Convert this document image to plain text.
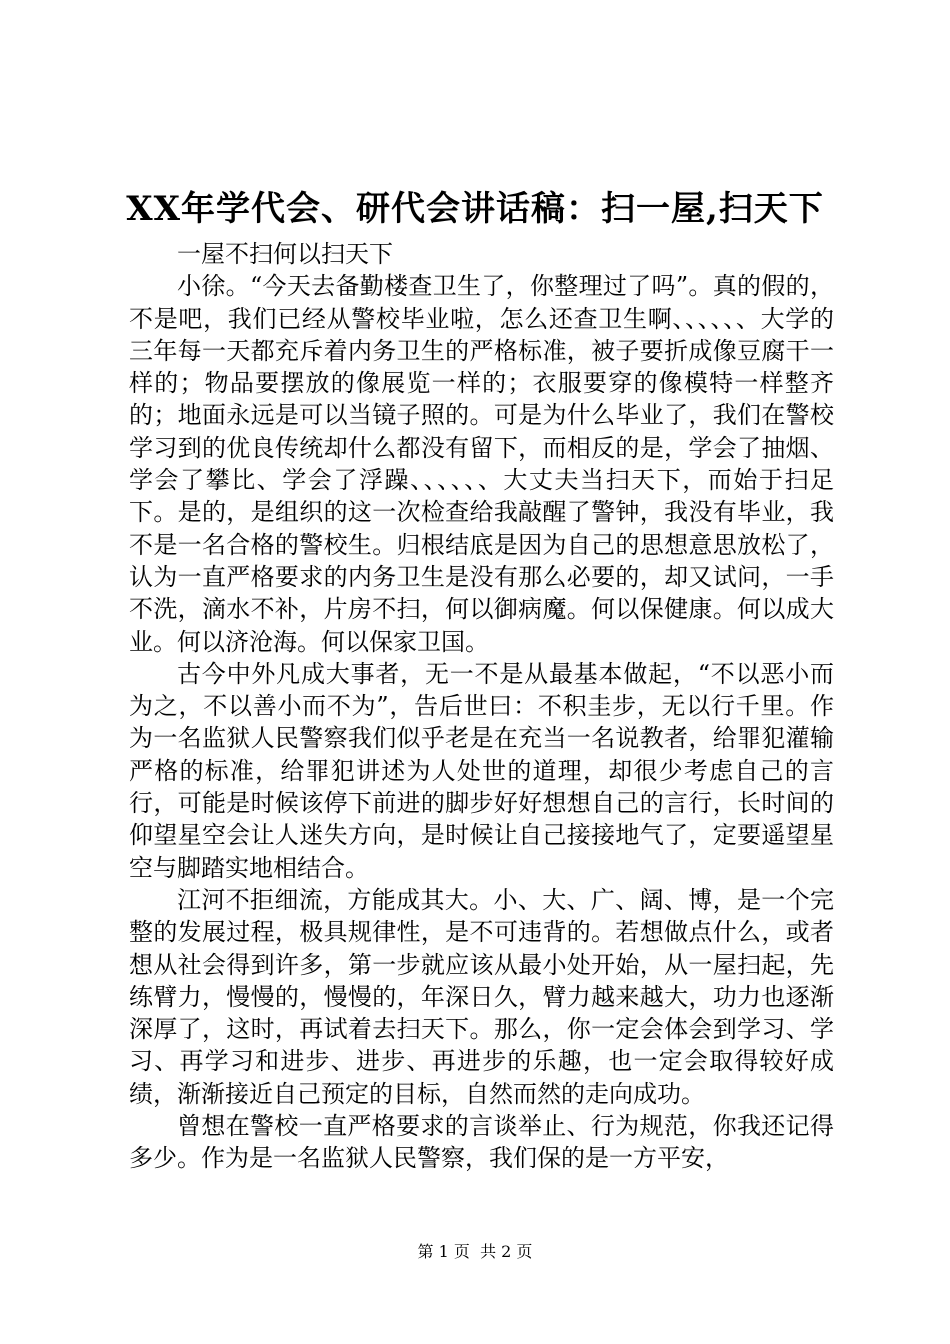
XX年学代会、研代会讲话稿：扫一屋,扫天下

一屋不扫何以扫天下

小徐。“今天去备勤楼查卫生了，你整理过了吗”。真的假的，不是吧，我们已经从警校毕业啦，怎么还查卫生啊、、、、、、大学的三年每一天都充斥着内务卫生的严格标准，被子要折成像豆腐干一样的；物品要摆放的像展览一样的；衣服要穿的像模特一样整齐的；地面永远是可以当镜子照的。可是为什么毕业了，我们在警校学习到的优良传统却什么都没有留下，而相反的是，学会了抽烟、学会了攀比、学会了浮躁、、、、、、大丈夫当扫天下，而始于扫足下。是的，是组织的这一次检查给我敲醒了警钟，我没有毕业，我不是一名合格的警校生。归根结底是因为自己的思想意思放松了，认为一直严格要求的内务卫生是没有那么必要的，却又试问，一手不洗，滴水不补，片房不扫，何以御病魔。何以保健康。何以成大业。何以济沧海。何以保家卫国。

古今中外凡成大事者，无一不是从最基本做起，“不以恶小而为之，不以善小而不为”，告后世曰：不积圭步，无以行千里。作为一名监狱人民警察我们似乎老是在充当一名说教者，给罪犯灌输严格的标准，给罪犯讲述为人处世的道理，却很少考虑自己的言行，可能是时候该停下前进的脚步好好想想自己的言行，长时间的仰望星空会让人迷失方向，是时候让自己接接地气了，定要遥望星空与脚踏实地相结合。

江河不拒细流，方能成其大。小、大、广、阔、博，是一个完整的发展过程，极具规律性，是不可违背的。若想做点什么，或者想从社会得到许多，第一步就应该从最小处开始，从一屋扫起，先练臂力，慢慢的，慢慢的，年深日久，臂力越来越大，功力也逐渐深厚了，这时，再试着去扫天下。那么，你一定会体会到学习、学习、再学习和进步、进步、再进步的乐趣，也一定会取得较好成绩，渐渐接近自己预定的目标，自然而然的走向成功。

曾想在警校一直严格要求的言谈举止、行为规范，你我还记得多少。作为是一名监狱人民警察，我们保的是一方平安，

第 1 页  共 2 页
